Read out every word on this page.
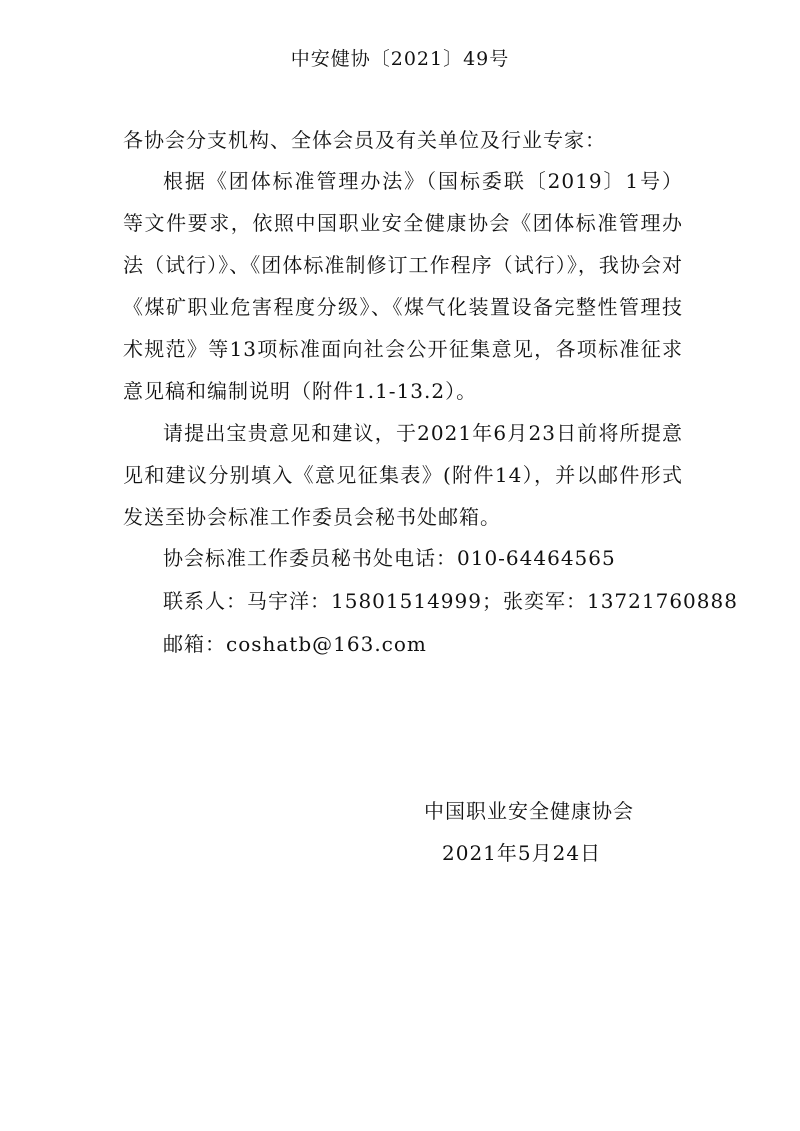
中安健协〔2021〕49号
各协会分支机构、全体会员及有关单位及行业专家：
根据《团体标准管理办法》（国标委联〔2019〕1号）等文件要求，依照中国职业安全健康协会《团体标准管理办法（试行）》、《团体标准制修订工作程序（试行）》，我协会对《煤矿职业危害程度分级》、《煤气化装置设备完整性管理技术规范》等13项标准面向社会公开征集意见，各项标准征求意见稿和编制说明（附件1.1-13.2）。
请提出宝贵意见和建议，于2021年6月23日前将所提意见和建议分别填入《意见征集表》(附件14），并以邮件形式发送至协会标准工作委员会秘书处邮箱。
协会标准工作委员秘书处电话：010-64464565
联系人：马宇洋：15801514999；张奕军：13721760888
邮箱：coshatb@163.com
中国职业安全健康协会
2021年5月24日
